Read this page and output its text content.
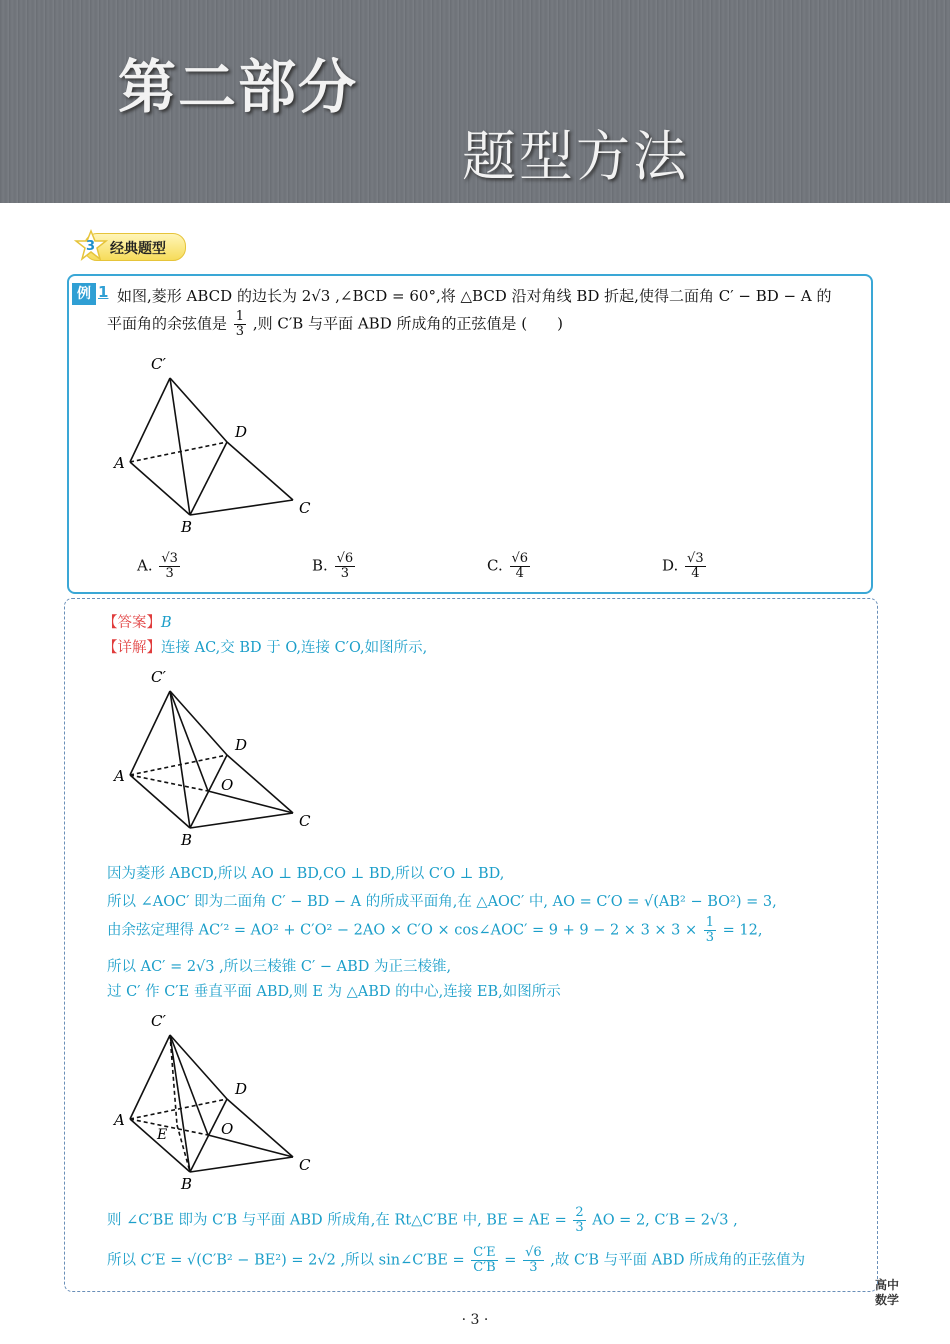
第二部分
题型方法
3 经典题型
例 1 如图,菱形 ABCD 的边长为 2√3 ,∠BCD = 60°,将 △BCD 沿对角线 BD 折起,使得二面角 C′ − BD − A 的
平面角的余弦值是 $\frac{1}{3}$ ,则 C′B 与平面 ABD 所成角的正弦值是 (　　)
C′
D
A
B
C
A. $\frac{√3}{3}$	B. $\frac{√6}{3}$	C. $\frac{√6}{4}$	D. $\frac{√3}{4}$
【答案】B
【详解】连接 AC,交 BD 于 O,连接 C′O,如图所示,
C′
D
A	O
B
C
因为菱形 ABCD,所以 AO ⊥ BD,CO ⊥ BD,所以 C′O ⊥ BD,
所以 ∠AOC′ 即为二面角 C′ − BD − A 的所成平面角,在 △AOC′ 中, AO = C′O = √(AB² − BO²) = 3,
由余弦定理得 AC′² = AO² + C′O² − 2AO × C′O × cos∠AOC′ = $9 + 9 - 2 \times 3 \times 3 \times \frac{1}{3} = 12$,
所以 AC′ = 2√3 ,所以三棱锥 C′ − ABD 为正三棱锥,
过 C′ 作 C′E 垂直平面 ABD,则 E 为 △ABD 的中心,连接 EB,如图所示
C′
D
A
E	O
B
C
则 ∠C′BE 即为 C′B 与平面 ABD 所成角,在 Rt△C′BE 中, BE = AE = $\frac{2}{3}$ AO = 2, C′B = 2√3 ,
所以 C′E = √(C′B² − BE²) = 2√2 ,所以 sin∠C′BE = $\frac{C'E}{C'B} = \frac{√6}{3}$ ,故 C′B 与平面 ABD 所成角的正弦值为
· 3 ·
高中
数学
